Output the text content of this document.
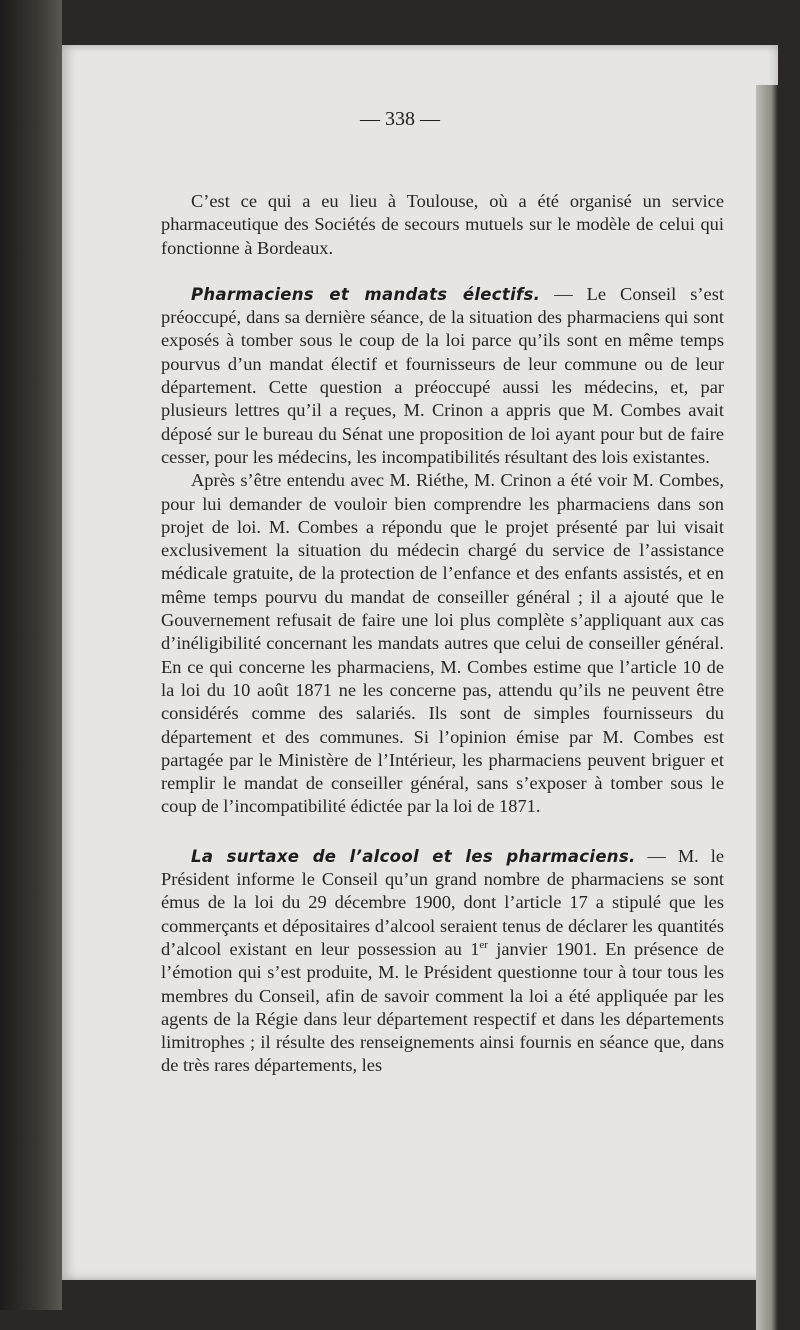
— 338 —

C’est ce qui a eu lieu à Toulouse, où a été organisé un service pharmaceutique des Sociétés de secours mutuels sur le modèle de celui qui fonctionne à Bordeaux.

Pharmaciens et mandats électifs. — Le Conseil s’est préoccupé, dans sa dernière séance, de la situation des pharmaciens qui sont exposés à tomber sous le coup de la loi parce qu’ils sont en même temps pourvus d’un mandat électif et fournisseurs de leur commune ou de leur département. Cette question a préoccupé aussi les médecins, et, par plusieurs lettres qu’il a reçues, M. Crinon a appris que M. Combes avait déposé sur le bureau du Sénat une proposition de loi ayant pour but de faire cesser, pour les médecins, les incompatibilités résultant des lois existantes.

Après s’être entendu avec M. Riéthe, M. Crinon a été voir M. Combes, pour lui demander de vouloir bien comprendre les pharmaciens dans son projet de loi. M. Combes a répondu que le projet présenté par lui visait exclusivement la situation du médecin chargé du service de l’assistance médicale gratuite, de la protection de l’enfance et des enfants assistés, et en même temps pourvu du mandat de conseiller général ; il a ajouté que le Gouvernement refusait de faire une loi plus complète s’appliquant aux cas d’inéligibilité concernant les mandats autres que celui de conseiller général. En ce qui concerne les pharmaciens, M. Combes estime que l’article 10 de la loi du 10 août 1871 ne les concerne pas, attendu qu’ils ne peuvent être considérés comme des salariés. Ils sont de simples fournisseurs du département et des communes. Si l’opinion émise par M. Combes est partagée par le Ministère de l’Intérieur, les pharmaciens peuvent briguer et remplir le mandat de conseiller général, sans s’exposer à tomber sous le coup de l’incompatibilité édictée par la loi de 1871.

La surtaxe de l’alcool et les pharmaciens. — M. le Président informe le Conseil qu’un grand nombre de pharmaciens se sont émus de la loi du 29 décembre 1900, dont l’article 17 a stipulé que les commerçants et dépositaires d’alcool seraient tenus de déclarer les quantités d’alcool existant en leur possession au 1er janvier 1901. En présence de l’émotion qui s’est produite, M. le Président questionne tour à tour tous les membres du Conseil, afin de savoir comment la loi a été appliquée par les agents de la Régie dans leur département respectif et dans les départements limitrophes ; il résulte des renseignements ainsi fournis en séance que, dans de très rares départements, les
